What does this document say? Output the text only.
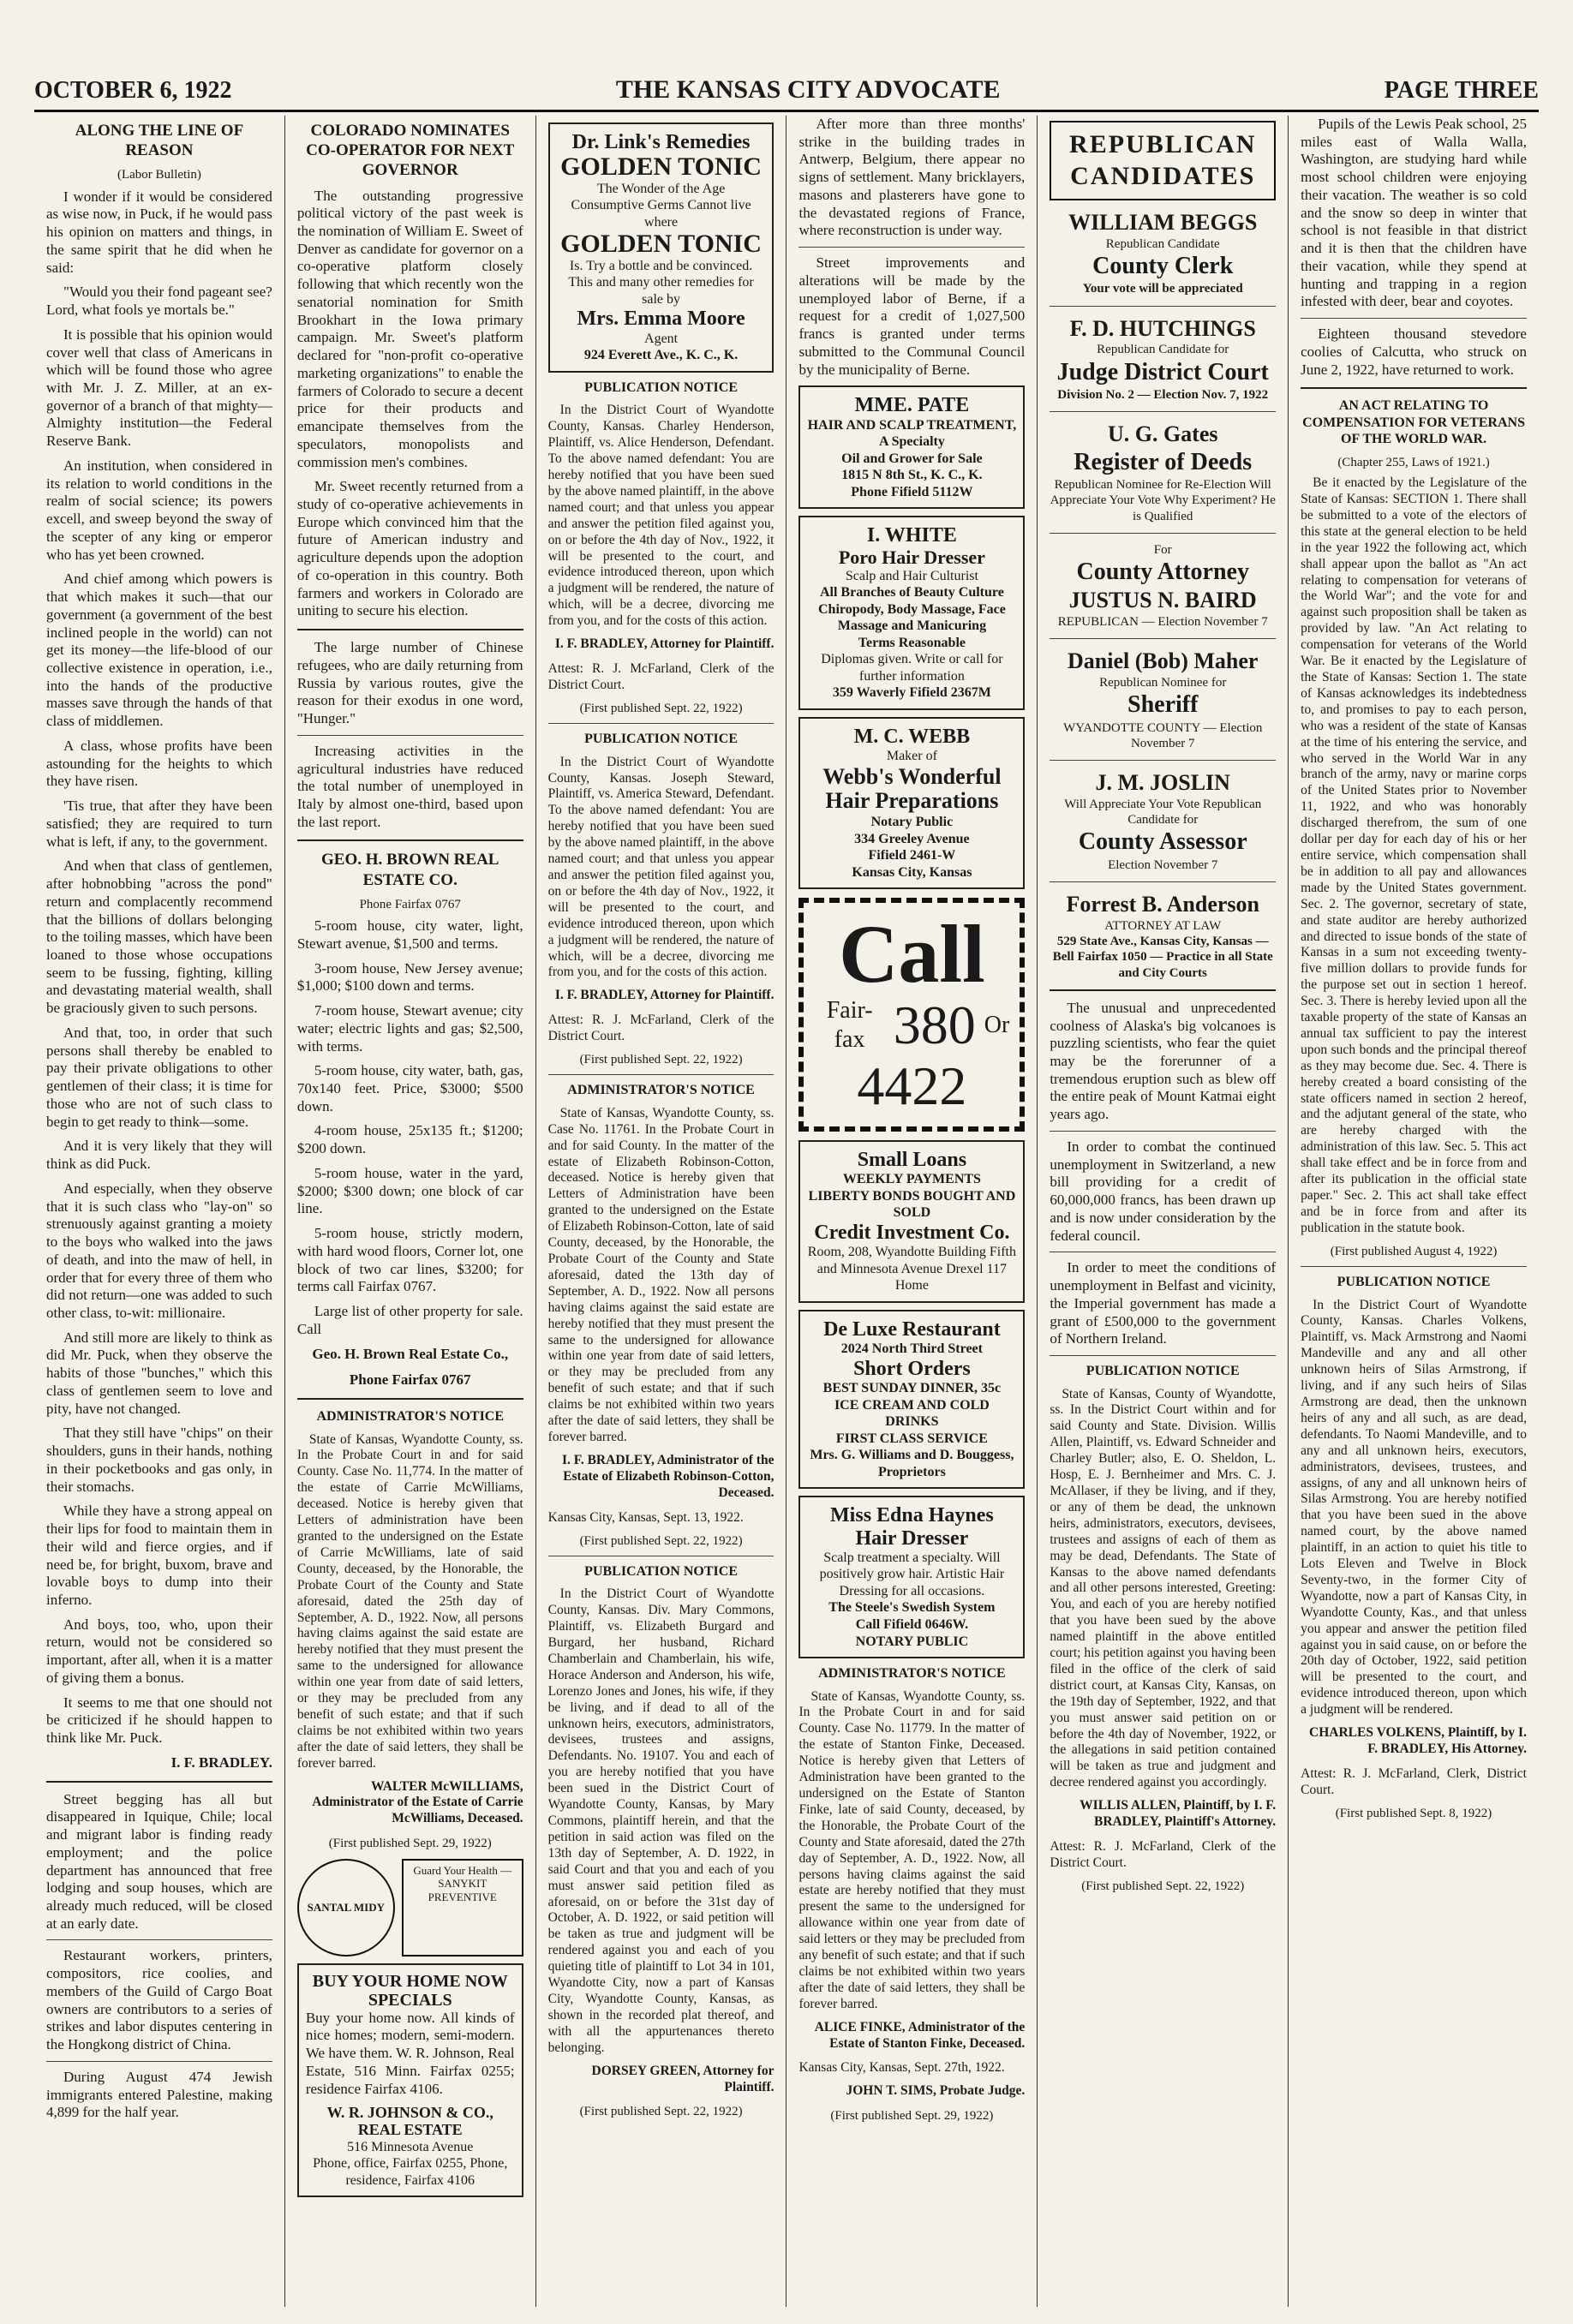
OCTOBER 6, 1922	THE KANSAS CITY ADVOCATE	PAGE THREE
ALONG THE LINE OF REASON
(Labor Bulletin)

I wonder if it would be considered as wise now, in Puck, if he would pass his opinion on matters and things, in the same spirit that he did when he said:

"Would you their fond pageant see? Lord, what fools ye mortals be."

It is possible that his opinion would cover well that class of Americans in which will be found those who agree with Mr. J. Z. Miller, at an ex-governor of a branch of that mighty—Almighty institution—the Federal Reserve Bank.

An institution, when considered in its relation to world conditions in the realm of social science; its powers excell, and sweep beyond the sway of the scepter of any king or emperor who has yet been crowned.

And chief among which powers is that which makes it such—that our government (a government of the best inclined people in the world) can not get its money—the life-blood of our collective existence in operation, i.e., into the hands of the productive masses save through the hands of that class of middlemen.

A class, whose profits have been astounding for the heights to which they have risen.

'Tis true, that after they have been satisfied; they are required to turn what is left, if any, to the government.

And when that class of gentlemen, after hobnobbing "across the pond" return and complacently recommend that the billions of dollars belonging to the toiling masses, which have been loaned to those whose occupations seem to be fussing, fighting, killing and devastating material wealth, shall be graciously given to such persons.

And that, too, in order that such persons shall thereby be enabled to pay their private obligations to other gentlemen of their class; it is time for those who are not of such class to begin to get ready to think—some.

And it is very likely that they will think as did Puck.

And especially, when they observe that it is such class who "lay-on" so strenuously against granting a moiety to the boys who walked into the jaws of death, and into the maw of hell, in order that for every three of them who did not return—one was added to such other class, to-wit: millionaire.

And still more are likely to think as did Mr. Puck, when they observe the habits of those "bunches," which this class of gentlemen seem to love and pity, have not changed.

That they still have "chips" on their shoulders, guns in their hands, nothing in their pocketbooks and gas only, in their stomachs.

While they have a strong appeal on their lips for food to maintain them in their wild and fierce orgies, and if need be, for bright, buxom, brave and lovable boys to dump into their inferno.

And boys, too, who, upon their return, would not be considered so important, after all, when it is a matter of giving them a bonus.

It seems to me that one should not be criticized if he should happen to think like Mr. Puck.

I. F. BRADLEY.

Street begging has all but disappeared in Iquique, Chile; local and migrant labor is finding ready employment; and the police department has announced that free lodging and soup houses, which are already much reduced, will be closed at an early date.

Restaurant workers, printers, compositors, rice coolies, and members of the Guild of Cargo Boat owners are contributors to a series of strikes and labor disputes centering in the Hongkong district of China.

During August 474 Jewish immigrants entered Palestine, making 4,899 for the half year.

COLORADO NOMINATES CO-OPERATOR FOR NEXT GOVERNOR

The outstanding progressive political victory of the past week is the nomination of William E. Sweet of Denver as candidate for governor on a co-operative platform closely following that which recently won the senatorial nomination for Smith Brookhart in the Iowa primary campaign. Mr. Sweet's platform declared for "non-profit co-operative marketing organizations" to enable the farmers of Colorado to secure a decent price for their products and emancipate themselves from the speculators, monopolists and commission men's combines.

Mr. Sweet recently returned from a study of co-operative achievements in Europe which convinced him that the future of American industry and agriculture depends upon the adoption of co-operation in this country. Both farmers and workers in Colorado are uniting to secure his election.

The large number of Chinese refugees, who are daily returning from Russia by various routes, give the reason for their exodus in one word, "Hunger."

Increasing activities in the agricultural industries have reduced the total number of unemployed in Italy by almost one-third, based upon the last report.

GEO. H. BROWN REAL ESTATE CO.
Phone Fairfax 0767

5-room house, city water, light, Stewart avenue, $1,500 and terms.

3-room house, New Jersey avenue; $1,000; $100 down and terms.

7-room house, Stewart avenue; city water; electric lights and gas; $2,500, with terms.

5-room house, city water, bath, gas, 70x140 feet. Price, $3000; $500 down.

4-room house, 25x135 ft.; $1200; $200 down.

5-room house, water in the yard, $2000; $300 down; one block of car line.

5-room house, strictly modern, with hard wood floors, Corner lot, one block of two car lines, $3200; for terms call Fairfax 0767.

Large list of other property for sale. Call

Geo. H. Brown Real Estate Co.,
Phone Fairfax 0767
ADMINISTRATOR'S NOTICE

State of Kansas, Wyandotte County, ss. In the Probate Court in and for said County. Case No. 11,774. In the matter of the estate of Carrie McWilliams, deceased. Notice is hereby given that Letters of administration have been granted to the undersigned on the Estate of Carrie McWilliams, late of said County, deceased, by the Honorable, the Probate Court of the County and State aforesaid, dated the 25th day of September, A. D., 1922. Now, all persons having claims against the said estate are hereby notified that they must present the same to the undersigned for allowance within one year from date of said letters, or they may be precluded from any benefit of such estate; and that if such claims be not exhibited within two years after the date of said letters, they shall be forever barred.

WALTER McWILLIAMS, Administrator of the Estate of Carrie McWilliams, Deceased.
(First published Sept. 29, 1922)
SANTAL MIDY
Guard Your Health — SANYKIT PREVENTIVE
BUY YOUR HOME NOW SPECIALS

Buy your home now. All kinds of nice homes; modern, semi-modern. We have them. W. R. Johnson, Real Estate, 516 Minn. Fairfax 0255; residence Fairfax 4106.

W. R. JOHNSON & CO., REAL ESTATE
516 Minnesota Avenue
Phone, office, Fairfax 0255, Phone, residence, Fairfax 4106
Dr. Link's Remedies
GOLDEN TONIC
The Wonder of the Age
Consumptive Germs Cannot live where
GOLDEN TONIC
Is. Try a bottle and be convinced. This and many other remedies for sale by
Mrs. Emma Moore
Agent
924 Everett Ave., K. C., K.
PUBLICATION NOTICE

In the District Court of Wyandotte County, Kansas. Charley Henderson, Plaintiff, vs. Alice Henderson, Defendant. To the above named defendant: You are hereby notified that you have been sued by the above named plaintiff, in the above named court; and that unless you appear and answer the petition filed against you, on or before the 4th day of Nov., 1922, it will be presented to the court, and evidence introduced thereon, upon which a judgment will be rendered, the nature of which, will be a decree, divorcing me from you, and for the costs of this action.

I. F. BRADLEY, Attorney for Plaintiff.

Attest: R. J. McFarland, Clerk of the District Court.

(First published Sept. 22, 1922)
PUBLICATION NOTICE

In the District Court of Wyandotte County, Kansas. Joseph Steward, Plaintiff, vs. America Steward, Defendant. To the above named defendant: You are hereby notified that you have been sued by the above named plaintiff, in the above named court; and that unless you appear and answer the petition filed against you, on or before the 4th day of Nov., 1922, it will be presented to the court, and evidence introduced thereon, upon which a judgment will be rendered, the nature of which, will be a decree, divorcing me from you, and for the costs of this action.

I. F. BRADLEY, Attorney for Plaintiff.

Attest: R. J. McFarland, Clerk of the District Court.

(First published Sept. 22, 1922)
ADMINISTRATOR'S NOTICE

State of Kansas, Wyandotte County, ss. Case No. 11761. In the Probate Court in and for said County. In the matter of the estate of Elizabeth Robinson-Cotton, deceased. Notice is hereby given that Letters of Administration have been granted to the undersigned on the Estate of Elizabeth Robinson-Cotton, late of said County, deceased, by the Honorable, the Probate Court of the County and State aforesaid, dated the 13th day of September, A. D., 1922. Now all persons having claims against the said estate are hereby notified that they must present the same to the undersigned for allowance within one year from date of said letters, or they may be precluded from any benefit of such estate; and that if such claims be not exhibited within two years after the date of said letters, they shall be forever barred.

I. F. BRADLEY, Administrator of the Estate of Elizabeth Robinson-Cotton, Deceased.

Kansas City, Kansas, Sept. 13, 1922.

(First published Sept. 22, 1922)
PUBLICATION NOTICE

In the District Court of Wyandotte County, Kansas. Div. Mary Commons, Plaintiff, vs. Elizabeth Burgard and Burgard, her husband, Richard Chamberlain and Chamberlain, his wife, Horace Anderson and Anderson, his wife, Lorenzo Jones and Jones, his wife, if they be living, and if dead to all of the unknown heirs, executors, administrators, devisees, trustees and assigns, Defendants. No. 19107. You and each of you are hereby notified that you have been sued in the District Court of Wyandotte County, Kansas, by Mary Commons, plaintiff herein, and that the petition in said action was filed on the 13th day of September, A. D. 1922, in said Court and that you and each of you must answer said petition filed as aforesaid, on or before the 31st day of October, A. D. 1922, or said petition will be taken as true and judgment will be rendered against you and each of you quieting title of plaintiff to Lot 34 in 101, Wyandotte City, now a part of Kansas City, Wyandotte County, Kansas, as shown in the recorded plat thereof, and with all the appurtenances thereto belonging.

DORSEY GREEN, Attorney for Plaintiff.
(First published Sept. 22, 1922)

After more than three months' strike in the building trades in Antwerp, Belgium, there appear no signs of settlement. Many bricklayers, masons and plasterers have gone to the devastated regions of France, where reconstruction is under way.

Street improvements and alterations will be made by the unemployed labor of Berne, if a request for a credit of 1,027,500 francs is granted under terms submitted to the Communal Council by the municipality of Berne.

MME. PATE
HAIR AND SCALP TREATMENT, A Specialty
Oil and Grower for Sale
1815 N 8th St., K. C., K.
Phone Fifield 5112W
I. WHITE
Poro Hair Dresser
Scalp and Hair Culturist
All Branches of Beauty Culture Chiropody, Body Massage, Face Massage and Manicuring
Terms Reasonable
Diplomas given. Write or call for further information
359 Waverly Fifield 2367M
M. C. WEBB
Maker of
Webb's Wonderful Hair Preparations
Notary Public
334 Greeley Avenue
Fifield 2461-W
Kansas City, Kansas
Call
Fair-fax 380 Or
4422
Small Loans
WEEKLY PAYMENTS
LIBERTY BONDS BOUGHT AND SOLD
Credit Investment Co.
Room, 208, Wyandotte Building Fifth and Minnesota Avenue Drexel 117 Home
De Luxe Restaurant
2024 North Third Street
Short Orders
BEST SUNDAY DINNER, 35c
ICE CREAM AND COLD DRINKS
FIRST CLASS SERVICE
Mrs. G. Williams and D. Bouggess, Proprietors
Miss Edna Haynes
Hair Dresser
Scalp treatment a specialty. Will positively grow hair. Artistic Hair Dressing for all occasions.
The Steele's Swedish System
Call Fifield 0646W.
NOTARY PUBLIC
ADMINISTRATOR'S NOTICE

State of Kansas, Wyandotte County, ss. In the Probate Court in and for said County. Case No. 11779. In the matter of the estate of Stanton Finke, Deceased. Notice is hereby given that Letters of Administration have been granted to the undersigned on the Estate of Stanton Finke, late of said County, deceased, by the Honorable, the Probate Court of the County and State aforesaid, dated the 27th day of September, A. D., 1922. Now, all persons having claims against the said estate are hereby notified that they must present the same to the undersigned for allowance within one year from date of said letters or they may be precluded from any benefit of such estate; and that if such claims be not exhibited within two years after the date of said letters, they shall be forever barred.

ALICE FINKE, Administrator of the Estate of Stanton Finke, Deceased.

Kansas City, Kansas, Sept. 27th, 1922.

JOHN T. SIMS, Probate Judge.
(First published Sept. 29, 1922)
REPUBLICAN CANDIDATES
WILLIAM BEGGS
Republican Candidate
County Clerk
Your vote will be appreciated
F. D. HUTCHINGS
Republican Candidate for
Judge District Court
Division No. 2 — Election Nov. 7, 1922
U. G. Gates
Register of Deeds
Republican Nominee for Re-Election Will Appreciate Your Vote Why Experiment? He is Qualified
For
County Attorney
JUSTUS N. BAIRD
REPUBLICAN — Election November 7
Daniel (Bob) Maher
Republican Nominee for
Sheriff
WYANDOTTE COUNTY — Election November 7
J. M. JOSLIN
Will Appreciate Your Vote Republican Candidate for
County Assessor
Election November 7
Forrest B. Anderson
ATTORNEY AT LAW
529 State Ave., Kansas City, Kansas — Bell Fairfax 1050 — Practice in all State and City Courts

The unusual and unprecedented coolness of Alaska's big volcanoes is puzzling scientists, who fear the quiet may be the forerunner of a tremendous eruption such as blew off the entire peak of Mount Katmai eight years ago.

In order to combat the continued unemployment in Switzerland, a new bill providing for a credit of 60,000,000 francs, has been drawn up and is now under consideration by the federal council.

In order to meet the conditions of unemployment in Belfast and vicinity, the Imperial government has made a grant of £500,000 to the government of Northern Ireland.

PUBLICATION NOTICE

State of Kansas, County of Wyandotte, ss. In the District Court within and for said County and State. Division. Willis Allen, Plaintiff, vs. Edward Schneider and Charley Butler; also, E. O. Sheldon, L. Hosp, E. J. Bernheimer and Mrs. C. J. McAllaser, if they be living, and if they, or any of them be dead, the unknown heirs, administrators, executors, devisees, trustees and assigns of each of them as may be dead, Defendants. The State of Kansas to the above named defendants and all other persons interested, Greeting: You, and each of you are hereby notified that you have been sued by the above named plaintiff in the above entitled court; his petition against you having been filed in the office of the clerk of said district court, at Kansas City, Kansas, on the 19th day of September, 1922, and that you must answer said petition on or before the 4th day of November, 1922, or the allegations in said petition contained will be taken as true and judgment and decree rendered against you accordingly.

WILLIS ALLEN, Plaintiff, by I. F. BRADLEY, Plaintiff's Attorney.

Attest: R. J. McFarland, Clerk of the District Court.

(First published Sept. 22, 1922)

Pupils of the Lewis Peak school, 25 miles east of Walla Walla, Washington, are studying hard while most school children were enjoying their vacation. The weather is so cold and the snow so deep in winter that school is not feasible in that district and it is then that the children have their vacation, while they spend at hunting and trapping in a region infested with deer, bear and coyotes.

Eighteen thousand stevedore coolies of Calcutta, who struck on June 2, 1922, have returned to work.

AN ACT RELATING TO COMPENSATION FOR VETERANS OF THE WORLD WAR.
(Chapter 255, Laws of 1921.)

Be it enacted by the Legislature of the State of Kansas: SECTION 1. There shall be submitted to a vote of the electors of this state at the general election to be held in the year 1922 the following act, which shall appear upon the ballot as "An act relating to compensation for veterans of the World War"; and the vote for and against such proposition shall be taken as provided by law. "An Act relating to compensation for veterans of the World War. Be it enacted by the Legislature of the State of Kansas: Section 1. The state of Kansas acknowledges its indebtedness to, and promises to pay to each person, who was a resident of the state of Kansas at the time of his entering the service, and who served in the World War in any branch of the army, navy or marine corps of the United States prior to November 11, 1922, and who was honorably discharged therefrom, the sum of one dollar per day for each day of his or her entire service, which compensation shall be in addition to all pay and allowances made by the United States government. Sec. 2. The governor, secretary of state, and state auditor are hereby authorized and directed to issue bonds of the state of Kansas in a sum not exceeding twenty-five million dollars to provide funds for the purpose set out in section 1 hereof. Sec. 3. There is hereby levied upon all the taxable property of the state of Kansas an annual tax sufficient to pay the interest upon such bonds and the principal thereof as they may become due. Sec. 4. There is hereby created a board consisting of the state officers named in section 2 hereof, and the adjutant general of the state, who are hereby charged with the administration of this law. Sec. 5. This act shall take effect and be in force from and after its publication in the official state paper." Sec. 2. This act shall take effect and be in force from and after its publication in the statute book.

(First published August 4, 1922)
PUBLICATION NOTICE

In the District Court of Wyandotte County, Kansas. Charles Volkens, Plaintiff, vs. Mack Armstrong and Naomi Mandeville and any and all other unknown heirs of Silas Armstrong, if living, and if any such heirs of Silas Armstrong are dead, then the unknown heirs of any and all such, as are dead, defendants. To Naomi Mandeville, and to any and all unknown heirs, executors, administrators, devisees, trustees, and assigns, of any and all unknown heirs of Silas Armstrong. You are hereby notified that you have been sued in the above named court, by the above named plaintiff, in an action to quiet his title to Lots Eleven and Twelve in Block Seventy-two, in the former City of Wyandotte, now a part of Kansas City, in Wyandotte County, Kas., and that unless you appear and answer the petition filed against you in said cause, on or before the 20th day of October, 1922, said petition will be presented to the court, and evidence introduced thereon, upon which a judgment will be rendered.

CHARLES VOLKENS, Plaintiff, by I. F. BRADLEY, His Attorney.

Attest: R. J. McFarland, Clerk, District Court.

(First published Sept. 8, 1922)
